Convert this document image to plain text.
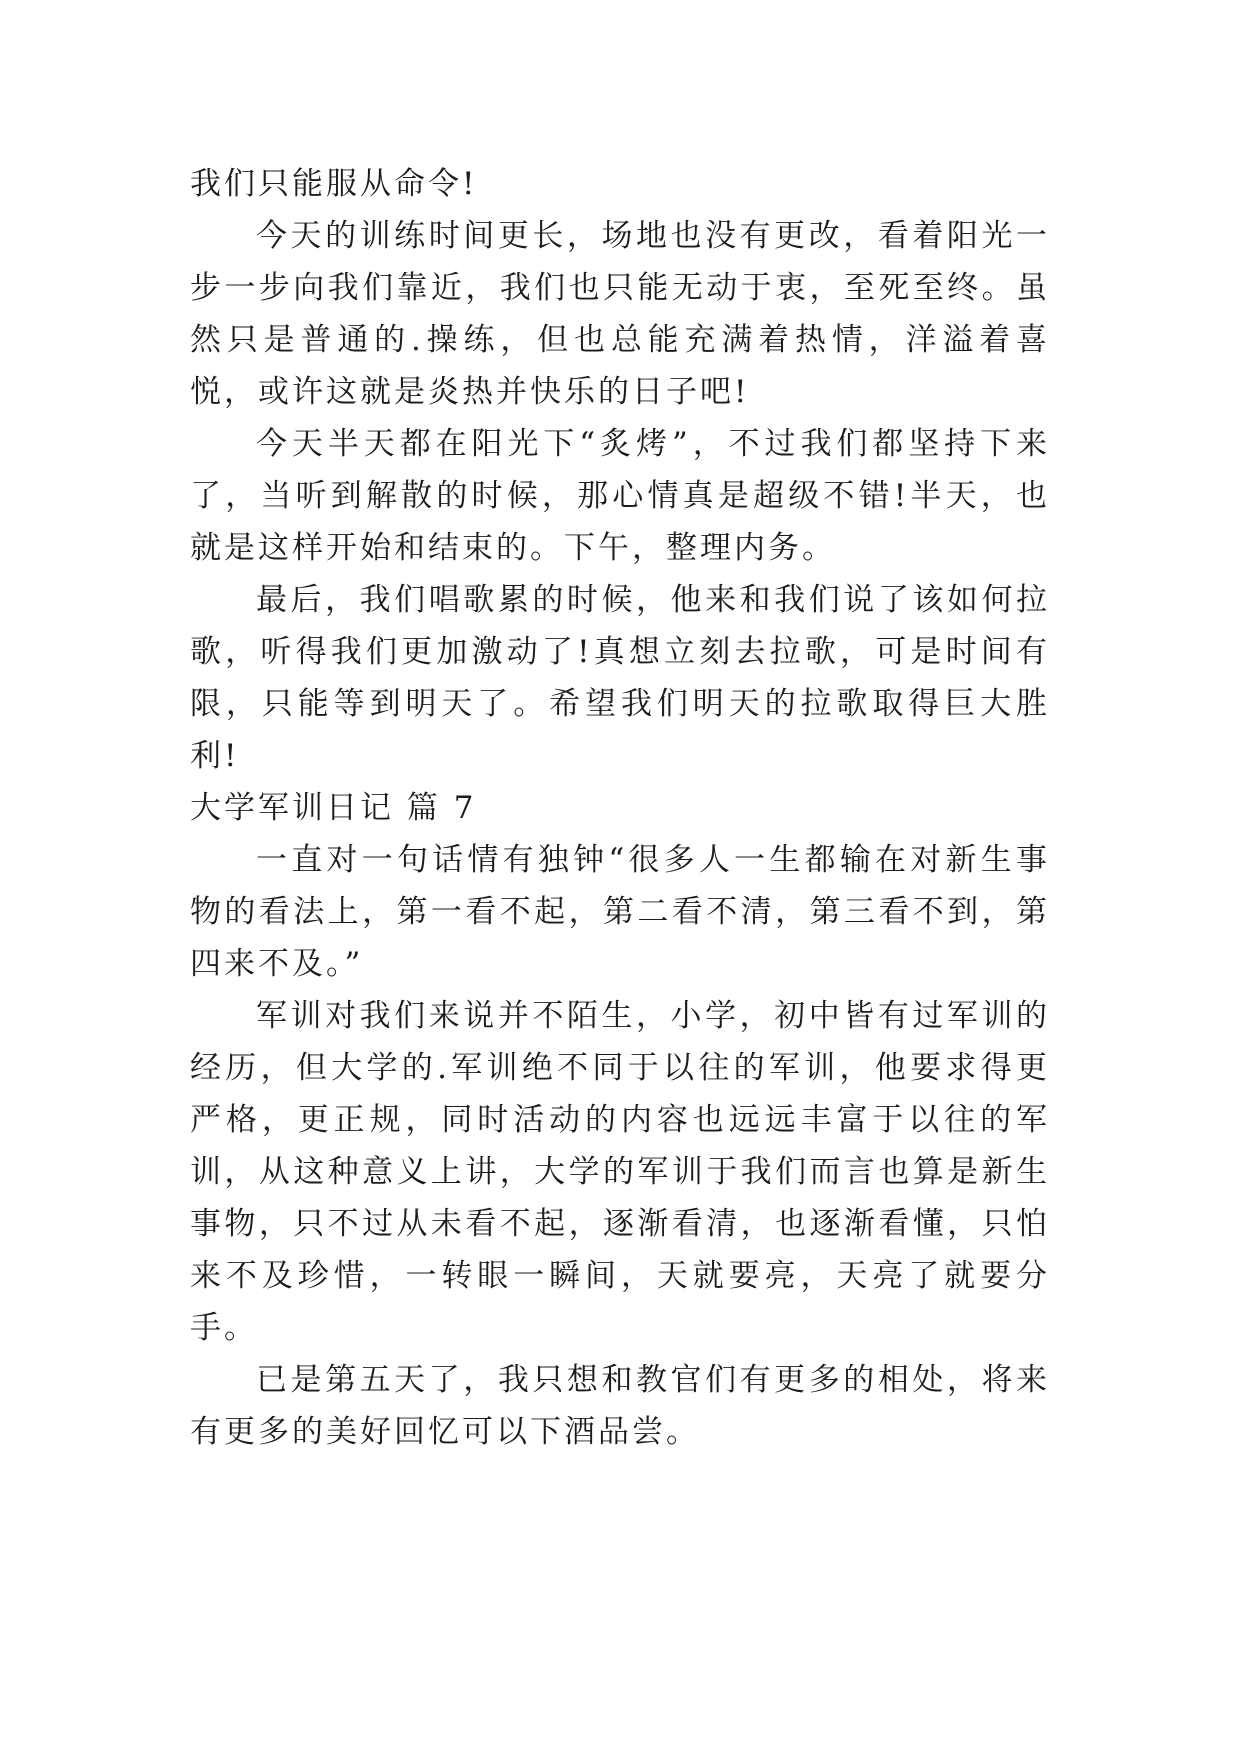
我们只能服从命令!

今天的训练时间更长，场地也没有更改，看着阳光一步一步向我们靠近，我们也只能无动于衷，至死至终。虽然只是普通的.操练，但也总能充满着热情，洋溢着喜悦，或许这就是炎热并快乐的日子吧!

今天半天都在阳光下“炙烤”，不过我们都坚持下来了，当听到解散的时候，那心情真是超级不错!半天，也就是这样开始和结束的。下午，整理内务。

最后，我们唱歌累的时候，他来和我们说了该如何拉歌，听得我们更加激动了!真想立刻去拉歌，可是时间有限，只能等到明天了。希望我们明天的拉歌取得巨大胜利!

大学军训日记 篇 7

一直对一句话情有独钟“很多人一生都输在对新生事物的看法上，第一看不起，第二看不清，第三看不到，第四来不及。”

军训对我们来说并不陌生，小学，初中皆有过军训的经历，但大学的.军训绝不同于以往的军训，他要求得更严格，更正规，同时活动的内容也远远丰富于以往的军训，从这种意义上讲，大学的军训于我们而言也算是新生事物，只不过从未看不起，逐渐看清，也逐渐看懂，只怕来不及珍惜，一转眼一瞬间，天就要亮，天亮了就要分手。

已是第五天了，我只想和教官们有更多的相处，将来有更多的美好回忆可以下酒品尝。
